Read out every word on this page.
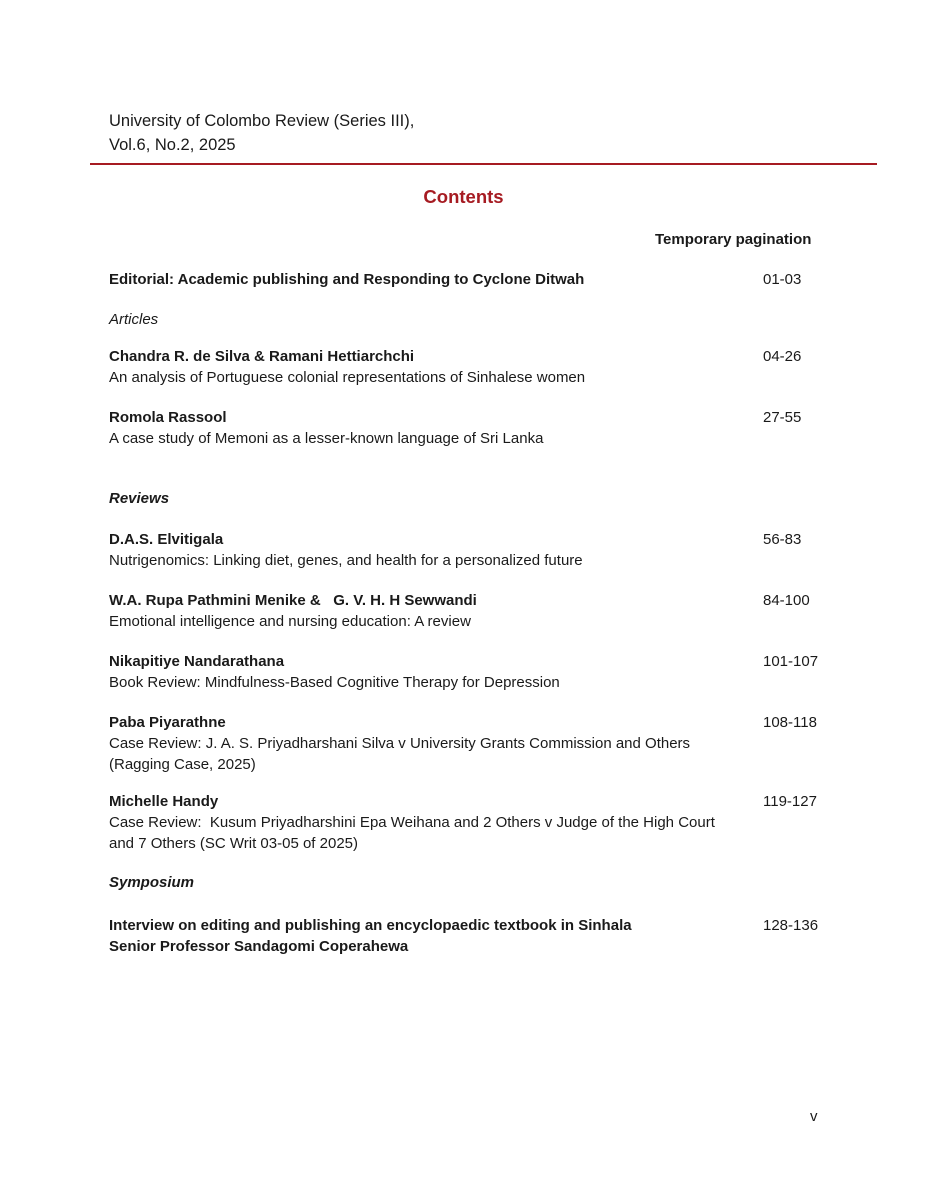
University of Colombo Review (Series III),
Vol.6, No.2, 2025
Contents
Temporary pagination
Editorial: Academic publishing and Responding to Cyclone Ditwah	01-03
Articles
Chandra R. de Silva & Ramani Hettiarchchi	04-26
An analysis of Portuguese colonial representations of Sinhalese women
Romola Rassool	27-55
A case study of Memoni as a lesser-known language of Sri Lanka
Reviews
D.A.S. Elvitigala	56-83
Nutrigenomics: Linking diet, genes, and health for a personalized future
W.A. Rupa Pathmini Menike &   G. V. H. H Sewwandi	84-100
Emotional intelligence and nursing education: A review
Nikapitiye Nandarathana	101-107
Book Review: Mindfulness-Based Cognitive Therapy for Depression
Paba Piyarathne	108-118
Case Review: J. A. S. Priyadharshani Silva v University Grants Commission and Others
(Ragging Case, 2025)
Michelle Handy	119-127
Case Review:  Kusum Priyadharshini Epa Weihana and 2 Others v Judge of the High Court
and 7 Others (SC Writ 03-05 of 2025)
Symposium
Interview on editing and publishing an encyclopaedic textbook in Sinhala	128-136
Senior Professor Sandagomi Coperahewa
v
